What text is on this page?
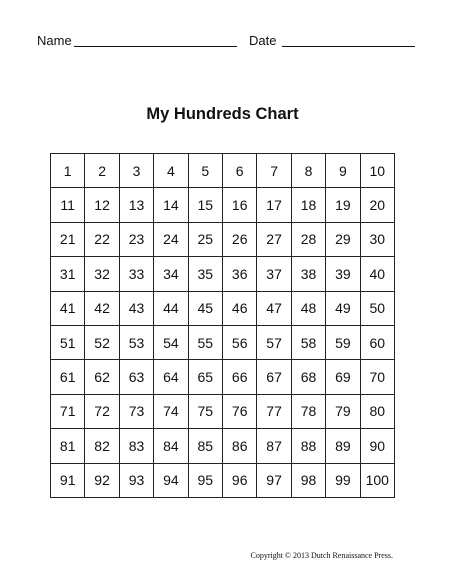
Name	Date
My Hundreds Chart
1	2	3	4	5	6	7	8	9	10
11	12	13	14	15	16	17	18	19	20
21	22	23	24	25	26	27	28	29	30
31	32	33	34	35	36	37	38	39	40
41	42	43	44	45	46	47	48	49	50
51	52	53	54	55	56	57	58	59	60
61	62	63	64	65	66	67	68	69	70
71	72	73	74	75	76	77	78	79	80
81	82	83	84	85	86	87	88	89	90
91	92	93	94	95	96	97	98	99	100
Copyright © 2013 Dutch Renaissance Press.
